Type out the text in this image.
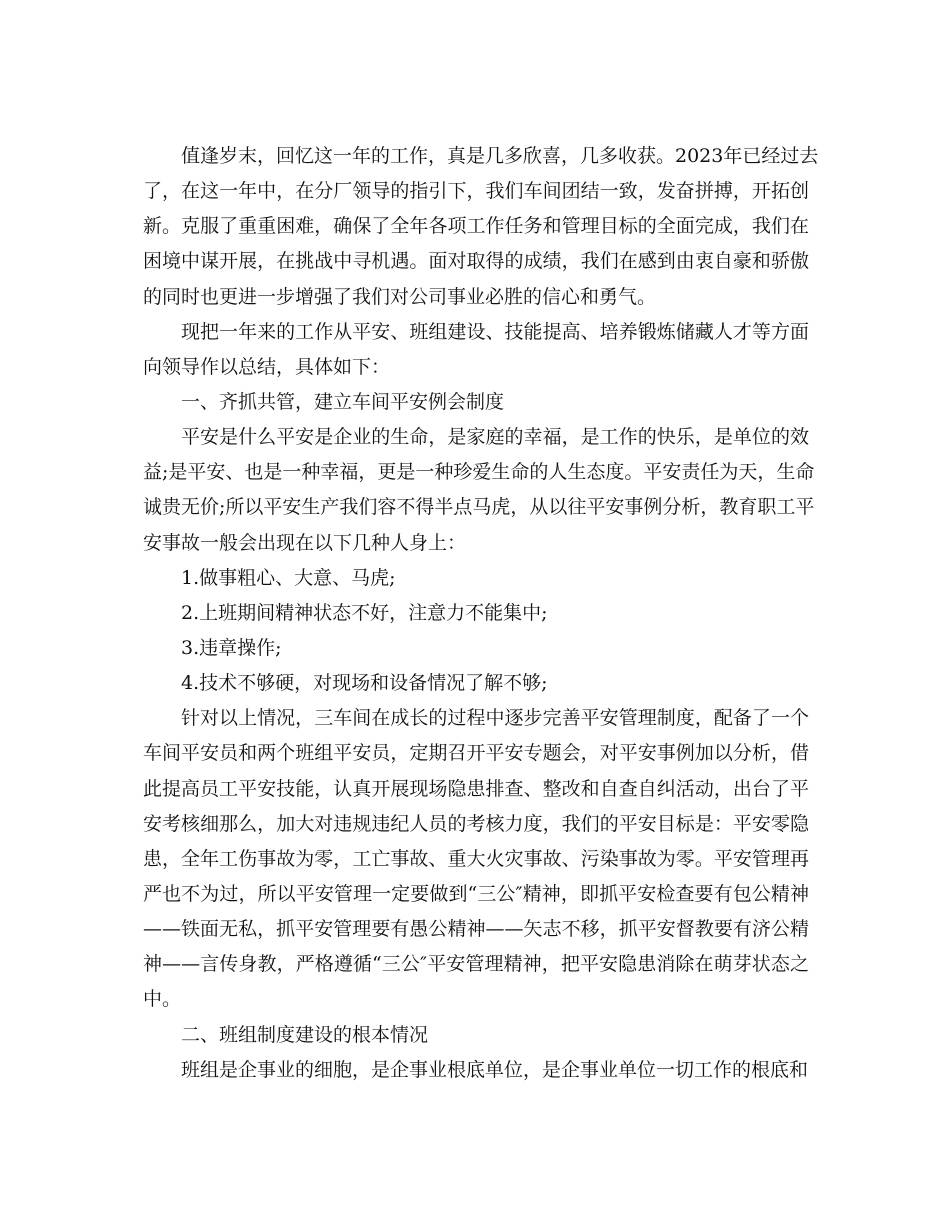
值逢岁末，回忆这一年的工作，真是几多欣喜，几多收获。2023年已经过去
了，在这一年中，在分厂领导的指引下，我们车间团结一致，发奋拼搏，开拓创
新。克服了重重困难，确保了全年各项工作任务和管理目标的全面完成，我们在
困境中谋开展，在挑战中寻机遇。面对取得的成绩，我们在感到由衷自豪和骄傲
的同时也更进一步增强了我们对公司事业必胜的信心和勇气。
现把一年来的工作从平安、班组建设、技能提高、培养锻炼储藏人才等方面
向领导作以总结，具体如下：
一、齐抓共管，建立车间平安例会制度
平安是什么平安是企业的生命，是家庭的幸福，是工作的快乐，是单位的效
益;是平安、也是一种幸福，更是一种珍爱生命的人生态度。平安责任为天，生命
诚贵无价;所以平安生产我们容不得半点马虎，从以往平安事例分析，教育职工平
安事故一般会出现在以下几种人身上：
1.做事粗心、大意、马虎;
2.上班期间精神状态不好，注意力不能集中;
3.违章操作;
4.技术不够硬，对现场和设备情况了解不够;
针对以上情况，三车间在成长的过程中逐步完善平安管理制度，配备了一个
车间平安员和两个班组平安员，定期召开平安专题会，对平安事例加以分析，借
此提高员工平安技能，认真开展现场隐患排查、整改和自查自纠活动，出台了平
安考核细那么，加大对违规违纪人员的考核力度，我们的平安目标是：平安零隐
患，全年工伤事故为零，工亡事故、重大火灾事故、污染事故为零。平安管理再
严也不为过，所以平安管理一定要做到“三公″精神，即抓平安检查要有包公精神
——铁面无私，抓平安管理要有愚公精神——矢志不移，抓平安督教要有济公精
神——言传身教，严格遵循“三公″平安管理精神，把平安隐患消除在萌芽状态之
中。
二、班组制度建设的根本情况
班组是企事业的细胞，是企事业根底单位，是企事业单位一切工作的根底和
